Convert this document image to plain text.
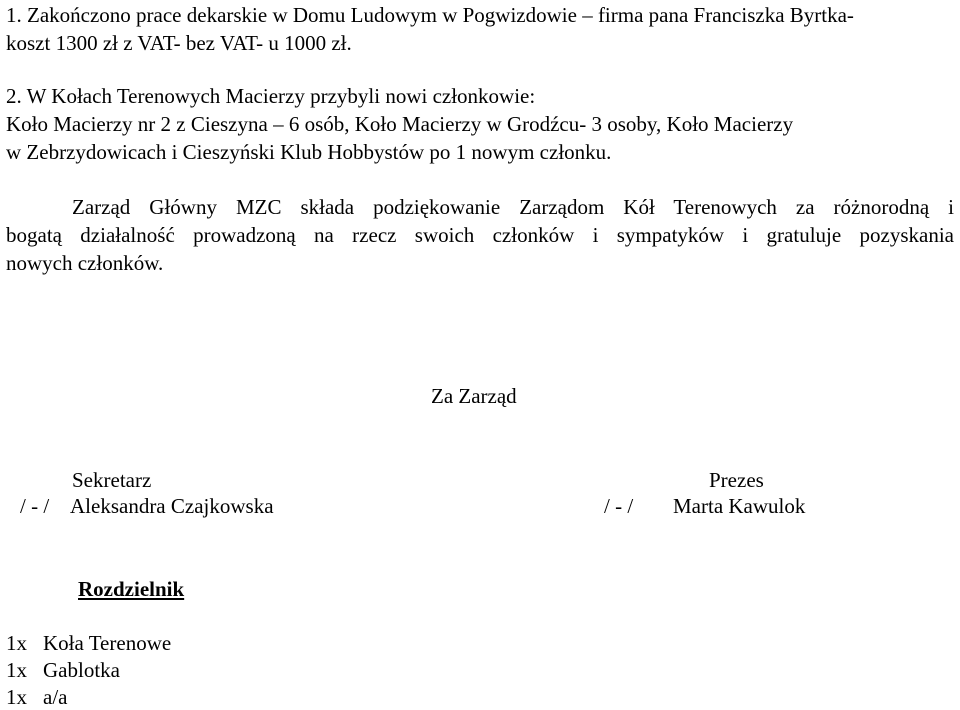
1. Zakończono prace dekarskie w Domu Ludowym w Pogwizdowie – firma pana Franciszka Byrtka-
koszt 1300 zł z VAT- bez VAT- u 1000 zł.
2. W Kołach Terenowych Macierzy przybyli nowi członkowie:
Koło Macierzy nr 2 z Cieszyna – 6 osób, Koło Macierzy w Grodźcu- 3 osoby, Koło Macierzy
w Zebrzydowicach i Cieszyński Klub Hobbystów po 1 nowym członku.
Zarząd Główny MZC składa podziękowanie Zarządom Kół Terenowych za różnorodną i
bogatą działalność prowadzoną na rzecz swoich członków i sympatyków i gratuluje pozyskania
nowych członków.
Za Zarząd
Sekretarz
/ - / Aleksandra Czajkowska
Prezes
/ - / Marta Kawulok
Rozdzielnik
1x Koła Terenowe
1x Gablotka
1x a/a
